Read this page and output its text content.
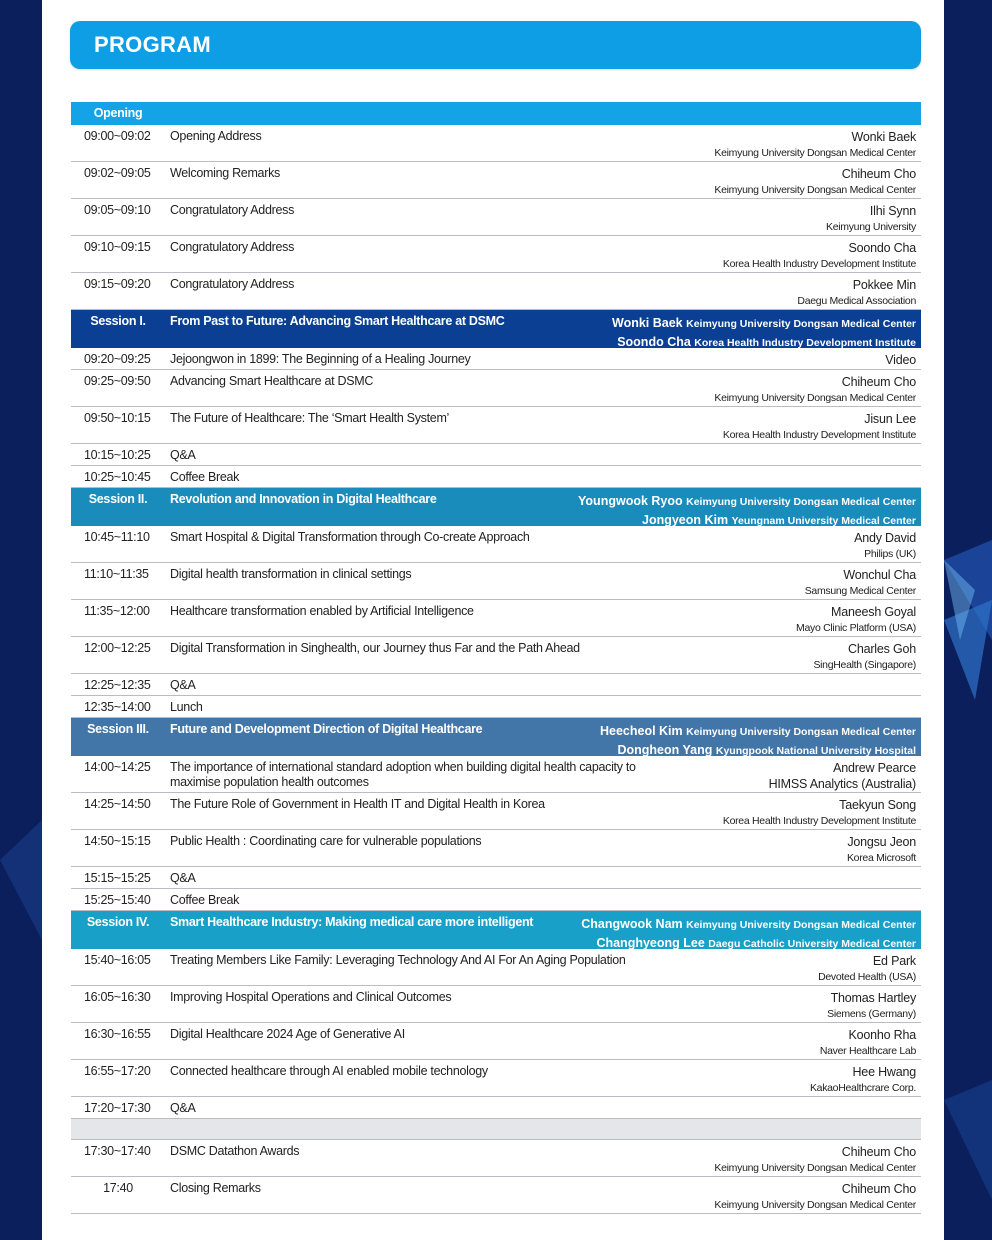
PROGRAM
Opening
09:00~09:02 Opening Address	Wonki Baek
Keimyung University Dongsan Medical Center
09:02~09:05 Welcoming Remarks	Chiheum Cho
Keimyung University Dongsan Medical Center
09:05~09:10 Congratulatory Address	Ilhi Synn
Keimyung University
09:10~09:15 Congratulatory Address	Soondo Cha
Korea Health Industry Development Institute
09:15~09:20 Congratulatory Address	Pokkee Min
Daegu Medical Association
Session I.	From Past to Future: Advancing Smart Healthcare at DSMC	Wonki Baek Keimyung University Dongsan Medical Center
Soondo Cha Korea Health Industry Development Institute
09:20~09:25 Jejoongwon in 1899: The Beginning of a Healing Journey	Video
09:25~09:50 Advancing Smart Healthcare at DSMC	Chiheum Cho
Keimyung University Dongsan Medical Center
09:50~10:15 The Future of Healthcare: The ‘Smart Health System’	Jisun Lee
Korea Health Industry Development Institute
10:15~10:25 Q&A
10:25~10:45 Coffee Break
Session II.	Revolution and Innovation in Digital Healthcare	Youngwook Ryoo Keimyung University Dongsan Medical Center
Jongyeon Kim Yeungnam University Medical Center
10:45~11:10 Smart Hospital & Digital Transformation through Co-create Approach	Andy David
Philips (UK)
11:10~11:35 Digital health transformation in clinical settings	Wonchul Cha
Samsung Medical Center
11:35~12:00 Healthcare transformation enabled by Artificial Intelligence	Maneesh Goyal
Mayo Clinic Platform (USA)
12:00~12:25 Digital Transformation in Singhealth, our Journey thus Far and the Path Ahead	Charles Goh
SingHealth (Singapore)
12:25~12:35 Q&A
12:35~14:00 Lunch
Session III.	Future and Development Direction of Digital Healthcare	Heecheol Kim Keimyung University Dongsan Medical Center
Dongheon Yang Kyungpook National University Hospital
14:00~14:25 The importance of international standard adoption when building digital health capacity to
maximise population health outcomes
Andrew Pearce
HIMSS Analytics (Australia)
14:25~14:50 The Future Role of Government in Health IT and Digital Health in Korea	Taekyun Song
Korea Health Industry Development Institute
14:50~15:15 Public Health : Coordinating care for vulnerable populations	Jongsu Jeon
Korea Microsoft
15:15~15:25 Q&A
15:25~15:40 Coffee Break
Session IV.	Smart Healthcare Industry: Making medical care more intelligent	Changwook Nam Keimyung University Dongsan Medical Center
Changhyeong Lee Daegu Catholic University Medical Center
15:40~16:05 Treating Members Like Family: Leveraging Technology And AI For An Aging Population	Ed Park
Devoted Health (USA)
16:05~16:30 Improving Hospital Operations and Clinical Outcomes	Thomas Hartley
Siemens (Germany)
16:30~16:55 Digital Healthcare 2024 Age of Generative AI	Koonho Rha
Naver Healthcare Lab
16:55~17:20 Connected healthcare through AI enabled mobile technology	Hee Hwang
KakaoHealthcrare Corp.
17:20~17:30 Q&A
17:30~17:40 DSMC Datathon Awards	Chiheum Cho
Keimyung University Dongsan Medical Center
17:40	Closing Remarks	Chiheum Cho
Keimyung University Dongsan Medical Center
